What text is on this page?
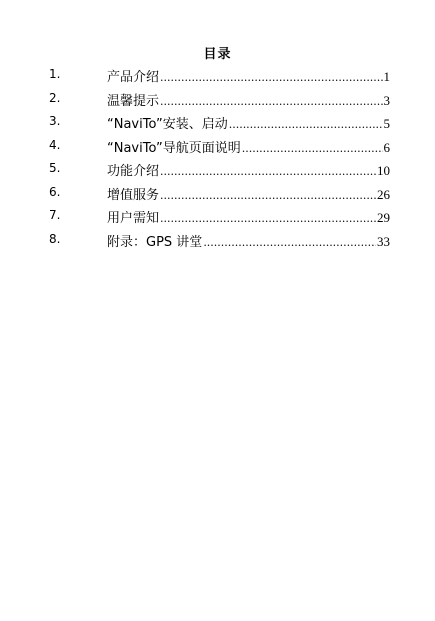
目录
1.	产品介绍 .....	1
2.	温馨提示 .....	3
3.	“NaviTo”安装、启动 .....	5
4.	“NaviTo”导航页面说明 .....	6
5.	功能介绍 .....	10
6.	增值服务 .....	26
7.	用户需知 .....	29
8.	附录：GPS 讲堂 .....	33
